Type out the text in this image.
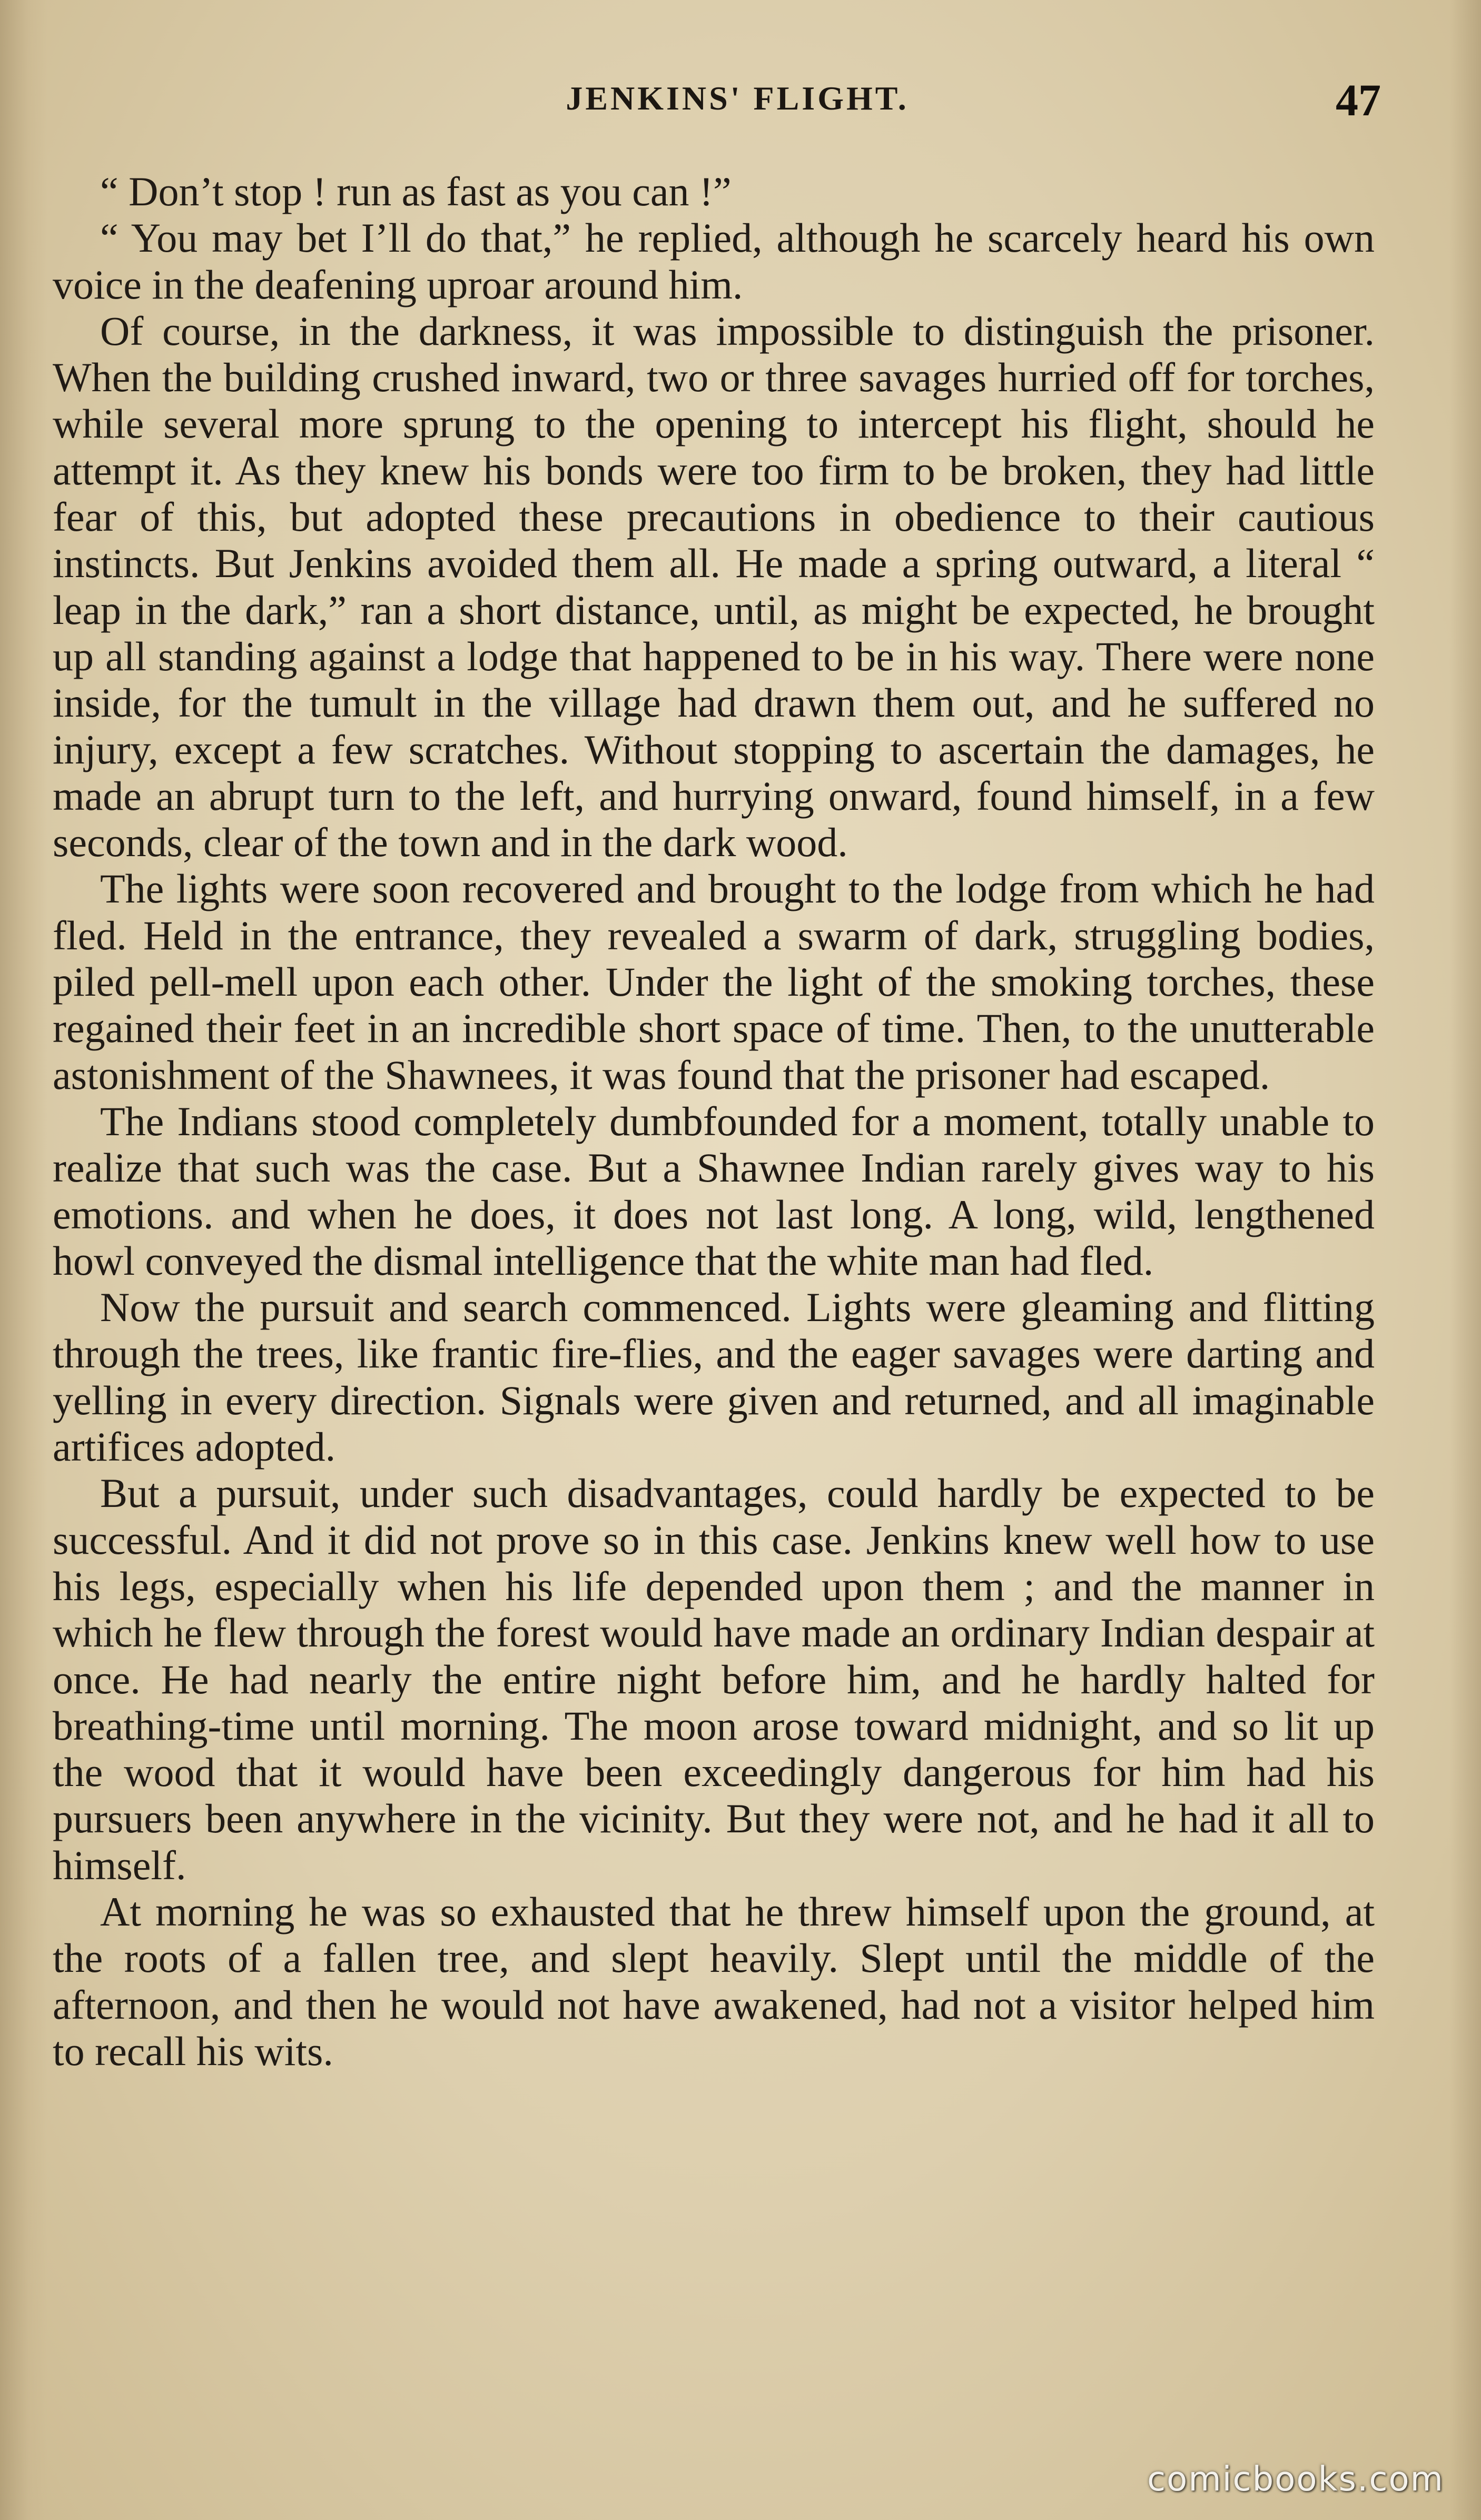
JENKINS' FLIGHT.	47

“ Don’t stop ! run as fast as you can !”

“ You may bet I’ll do that,” he replied, although he scarcely heard his own voice in the deafening uproar around him.

Of course, in the darkness, it was impossible to distinguish the prisoner. When the building crushed inward, two or three savages hurried off for torches, while several more sprung to the opening to intercept his flight, should he attempt it. As they knew his bonds were too firm to be broken, they had little fear of this, but adopted these precautions in obedience to their cautious instincts. But Jenkins avoided them all. He made a spring outward, a literal “ leap in the dark,” ran a short distance, until, as might be expected, he brought up all standing against a lodge that happened to be in his way. There were none inside, for the tumult in the village had drawn them out, and he suffered no injury, except a few scratches. Without stopping to ascertain the damages, he made an abrupt turn to the left, and hurrying onward, found himself, in a few seconds, clear of the town and in the dark wood.

The lights were soon recovered and brought to the lodge from which he had fled. Held in the entrance, they revealed a swarm of dark, struggling bodies, piled pell-mell upon each other. Under the light of the smoking torches, these regained their feet in an incredible short space of time. Then, to the unutterable astonishment of the Shawnees, it was found that the prisoner had escaped.

The Indians stood completely dumbfounded for a moment, totally unable to realize that such was the case. But a Shawnee Indian rarely gives way to his emotions. and when he does, it does not last long. A long, wild, lengthened howl conveyed the dismal intelligence that the white man had fled.

Now the pursuit and search commenced. Lights were gleaming and flitting through the trees, like frantic fire-flies, and the eager savages were darting and yelling in every direction. Signals were given and returned, and all imaginable artifices adopted.

But a pursuit, under such disadvantages, could hardly be expected to be successful. And it did not prove so in this case. Jenkins knew well how to use his legs, especially when his life depended upon them ; and the manner in which he flew through the forest would have made an ordinary Indian despair at once. He had nearly the entire night before him, and he hardly halted for breathing-time until morning. The moon arose toward midnight, and so lit up the wood that it would have been exceedingly dangerous for him had his pursuers been anywhere in the vicinity. But they were not, and he had it all to himself.

At morning he was so exhausted that he threw himself upon the ground, at the roots of a fallen tree, and slept heavily. Slept until the middle of the afternoon, and then he would not have awakened, had not a visitor helped him to recall his wits.

comicbooks.com
